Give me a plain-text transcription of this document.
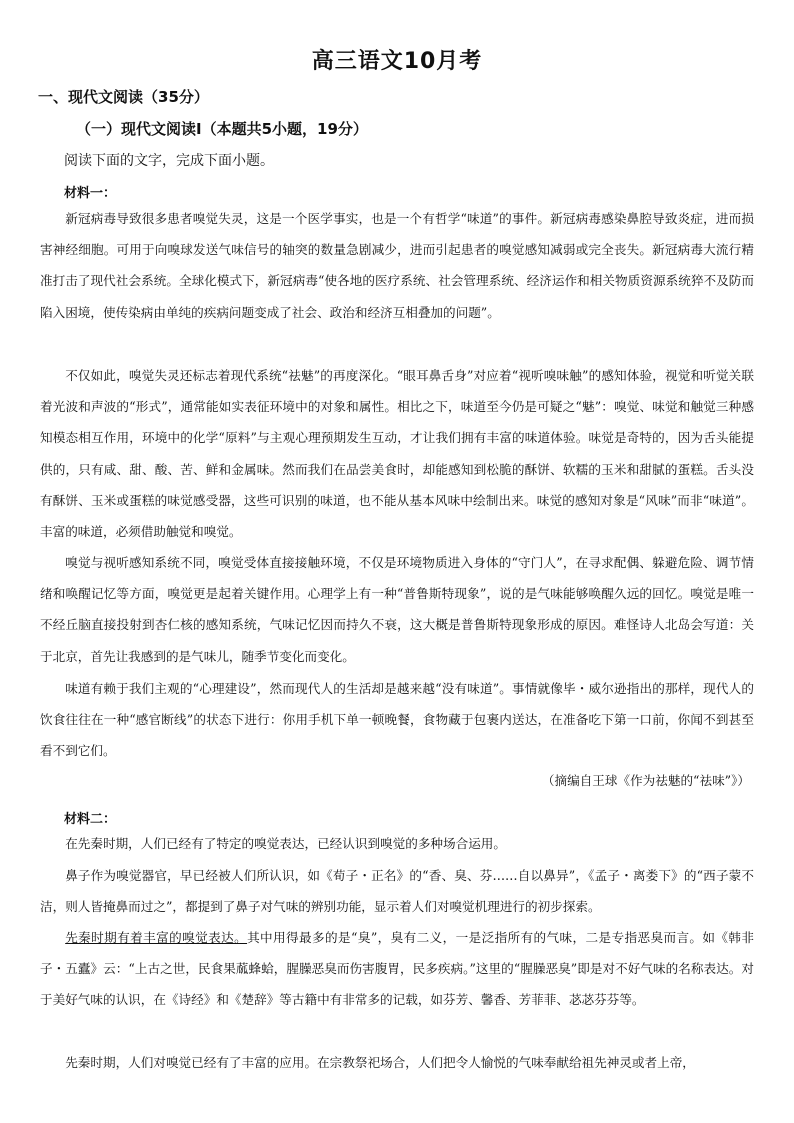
高三语文10月考
一、现代文阅读（35分）
（一）现代文阅读Ⅰ（本题共5小题，19分）
阅读下面的文字，完成下面小题。
材料一：

新冠病毒导致很多患者嗅觉失灵，这是一个医学事实，也是一个有哲学“味道”的事件。新冠病毒感染鼻腔导致炎症，进而损害神经细胞。可用于向嗅球发送气味信号的轴突的数量急剧减少，进而引起患者的嗅觉感知减弱或完全丧失。新冠病毒大流行精准打击了现代社会系统。全球化模式下，新冠病毒“使各地的医疗系统、社会管理系统、经济运作和相关物质资源系统猝不及防而陷入困境，使传染病由单纯的疾病问题变成了社会、政治和经济互相叠加的问题”。

不仅如此，嗅觉失灵还标志着现代系统“祛魅”的再度深化。“眼耳鼻舌身”对应着“视听嗅味触”的感知体验，视觉和听觉关联着光波和声波的“形式”，通常能如实表征环境中的对象和属性。相比之下，味道至今仍是可疑之“魅”：嗅觉、味觉和触觉三种感知模态相互作用，环境中的化学“原料”与主观心理预期发生互动，才让我们拥有丰富的味道体验。味觉是奇特的，因为舌头能提供的，只有咸、甜、酸、苦、鲜和金属味。然而我们在品尝美食时，却能感知到松脆的酥饼、软糯的玉米和甜腻的蛋糕。舌头没有酥饼、玉米或蛋糕的味觉感受器，这些可识别的味道，也不能从基本风味中绘制出来。味觉的感知对象是“风味”而非“味道”。丰富的味道，必须借助触觉和嗅觉。

嗅觉与视听感知系统不同，嗅觉受体直接接触环境，不仅是环境物质进入身体的“守门人”，在寻求配偶、躲避危险、调节情绪和唤醒记忆等方面，嗅觉更是起着关键作用。心理学上有一种“普鲁斯特现象”，说的是气味能够唤醒久远的回忆。嗅觉是唯一不经丘脑直接投射到杏仁核的感知系统，气味记忆因而持久不衰，这大概是普鲁斯特现象形成的原因。难怪诗人北岛会写道：关于北京，首先让我感到的是气味儿，随季节变化而变化。

味道有赖于我们主观的“心理建设”，然而现代人的生活却是越来越“没有味道”。事情就像毕・威尔逊指出的那样，现代人的饮食往往在一种“感官断线”的状态下进行：你用手机下单一顿晚餐，食物藏于包裹内送达，在准备吃下第一口前，你闻不到甚至看不到它们。

（摘编自王球《作为祛魅的“祛味”》）
材料二：

在先秦时期，人们已经有了特定的嗅觉表达，已经认识到嗅觉的多种场合运用。

鼻子作为嗅觉器官，早已经被人们所认识，如《荀子・正名》的“香、臭、芬……自以鼻异”，《孟子・离娄下》的“西子蒙不洁，则人皆掩鼻而过之”，都提到了鼻子对气味的辨别功能，显示着人们对嗅觉机理进行的初步探索。

先秦时期有着丰富的嗅觉表达。其中用得最多的是“臭”，臭有二义，一是泛指所有的气味，二是专指恶臭而言。如《韩非子・五蠹》云：“上古之世，民食果蓏蜂蛤，腥臊恶臭而伤害腹胃，民多疾病。”这里的“腥臊恶臭”即是对不好气味的名称表达。对于美好气味的认识，在《诗经》和《楚辞》等古籍中有非常多的记载，如芬芳、馨香、芳菲菲、苾苾芬芬等。

先秦时期，人们对嗅觉已经有了丰富的应用。在宗教祭祀场合，人们把令人愉悦的气味奉献给祖先神灵或者上帝，
